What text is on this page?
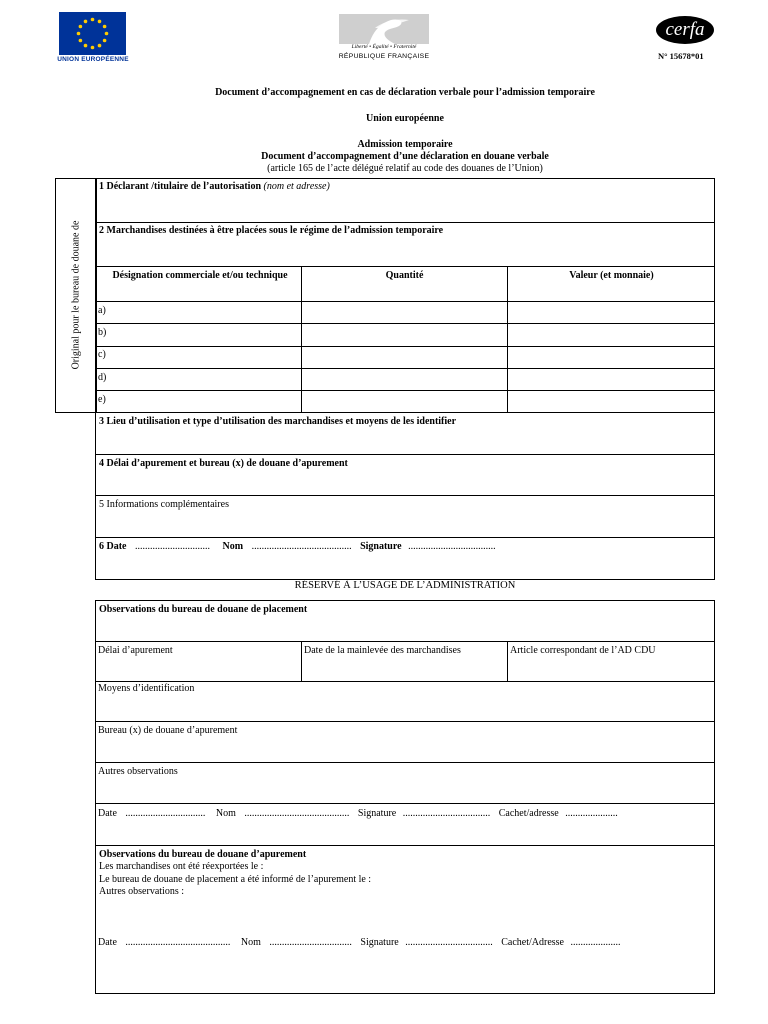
UNION EUROPÉENNE
Liberté • Égalité • Fraternité
RÉPUBLIQUE FRANÇAISE
cerfa
N° 15678*01
Document d’accompagnement en cas de déclaration verbale pour l’admission temporaire
Union européenne
Admission temporaire
Document d’accompagnement d’une déclaration en douane verbale
(article 165 de l’acte délégué relatif au code des douanes de l’Union)
Original pour le bureau de douane de
1 Déclarant /titulaire de l’autorisation (nom et adresse)
2 Marchandises destinées à être placées sous le régime de l’admission temporaire
Désignation commerciale et/ou technique	Quantité	Valeur (et monnaie)
a)
b)
c)
d)
e)
3 Lieu d’utilisation et type d’utilisation des marchandises et moyens de les identifier
4 Délai d’apurement et bureau (x) de douane d’apurement
5 Informations complémentaires
6 Date .............................. Nom ........................................ Signature ...................................
RÉSERVÉ À L’USAGE DE L’ADMINISTRATION
Observations du bureau de douane de placement
Délai d’apurement	Date de la mainlevée des marchandises	Article correspondant de l’AD CDU
Moyens d’identification
Bureau (x) de douane d’apurement
Autres observations
Date ................................ Nom .......................................... Signature ................................... Cachet/adresse .....................
Observations du bureau de douane d’apurement
Les marchandises ont été réexportées le :
Le bureau de douane de placement a été informé de l’apurement le :
Autres observations :
Date .......................................... Nom ................................. Signature ................................... Cachet/Adresse ....................
